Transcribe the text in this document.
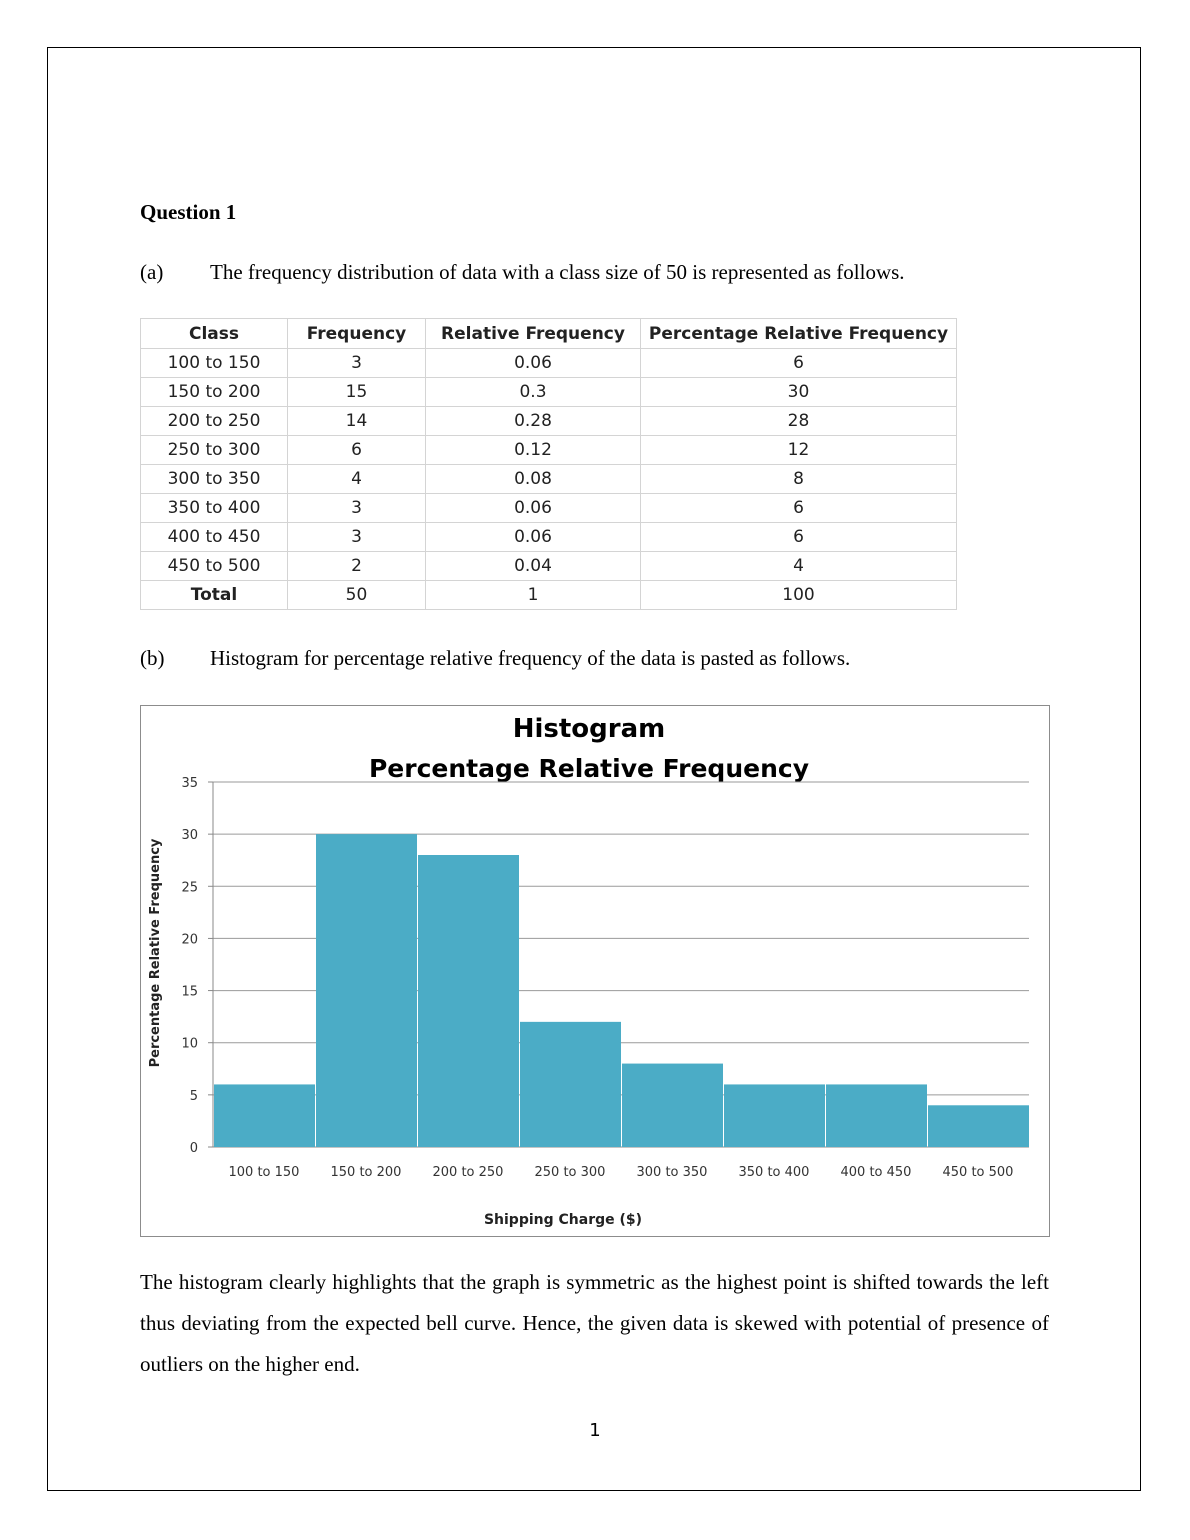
Question 1
(a) The frequency distribution of data with a class size of 50 is represented as follows.
Class	Frequency	Relative Frequency	Percentage Relative Frequency
100 to 150	3	0.06	6
150 to 200	15	0.3	30
200 to 250	14	0.28	28
250 to 300	6	0.12	12
300 to 350	4	0.08	8
350 to 400	3	0.06	6
400 to 450	3	0.06	6
450 to 500	2	0.04	4
Total	50	1	100
(b) Histogram for percentage relative frequency of the data is pasted as follows.
Histogram
Percentage Relative Frequency
0
5
10
15
20
25
30
35
100 to 150 150 to 200 200 to 250 250 to 300 300 to 350 350 to 400 400 to 450 450 to 500
Shipping Charge ($)
Percentage Relative Frequency
The histogram clearly highlights that the graph is symmetric as the highest point is shifted towards the left thus deviating from the expected bell curve. Hence, the given data is skewed with potential of presence of outliers on the higher end.
1
